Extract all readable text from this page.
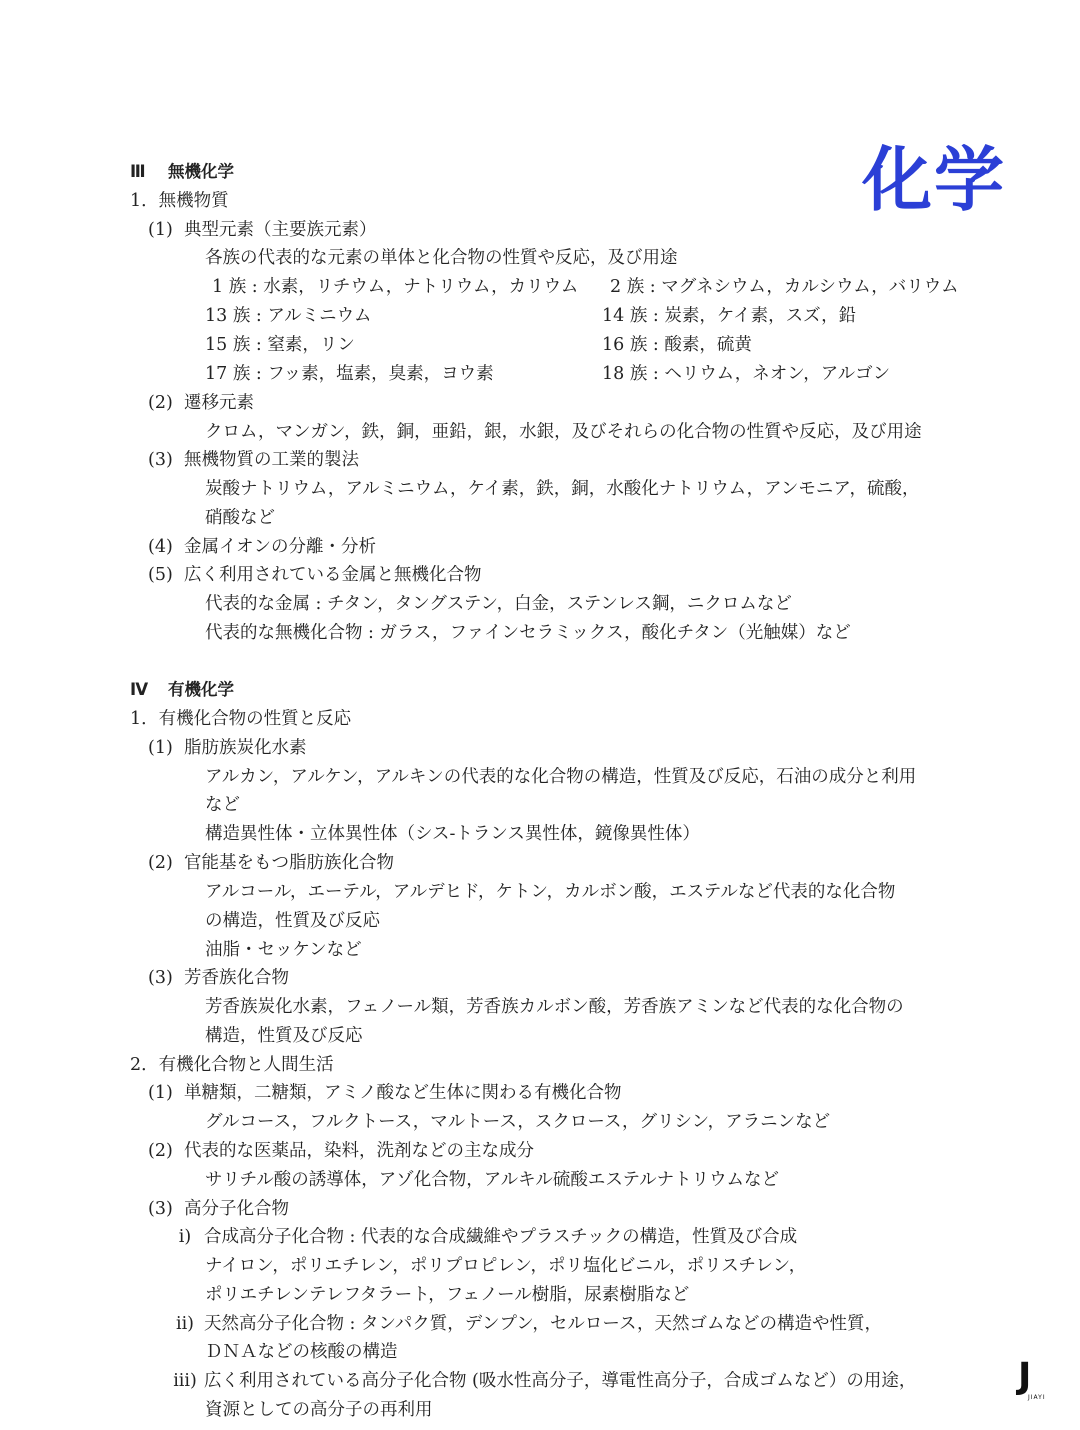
化学
J
JIAYI
Ⅲ 無機化学
1．無機物質
(1) 典型元素（主要族元素）
各族の代表的な元素の単体と化合物の性質や反応，及び用途
1 族 : 水素，リチウム，ナトリウム，カリウム 2 族 : マグネシウム，カルシウム，バリウム
13 族 : アルミニウム	14 族 : 炭素，ケイ素，スズ，鉛
15 族 : 窒素，リン	16 族 : 酸素，硫黄
17 族 : フッ素，塩素，臭素，ヨウ素	18 族 : ヘリウム，ネオン，アルゴン
(2) 遷移元素
クロム，マンガン，鉄，銅，亜鉛，銀，水銀，及びそれらの化合物の性質や反応，及び用途
(3) 無機物質の工業的製法
炭酸ナトリウム，アルミニウム，ケイ素，鉄，銅，水酸化ナトリウム，アンモニア，硫酸，
硝酸など
(4) 金属イオンの分離・分析
(5) 広く利用されている金属と無機化合物
代表的な金属 : チタン，タングステン，白金，ステンレス鋼，ニクロムなど
代表的な無機化合物 : ガラス，ファインセラミックス，酸化チタン（光触媒）など
Ⅳ 有機化学
1．有機化合物の性質と反応
(1) 脂肪族炭化水素
アルカン，アルケン，アルキンの代表的な化合物の構造，性質及び反応，石油の成分と利用
など
構造異性体・立体異性体（シス-トランス異性体，鏡像異性体）
(2) 官能基をもつ脂肪族化合物
アルコール，エーテル，アルデヒド，ケトン，カルボン酸，エステルなど代表的な化合物
の構造，性質及び反応
油脂・セッケンなど
(3) 芳香族化合物
芳香族炭化水素，フェノール類，芳香族カルボン酸，芳香族アミンなど代表的な化合物の
構造，性質及び反応
2．有機化合物と人間生活
(1) 単糖類，二糖類，アミノ酸など生体に関わる有機化合物
グルコース，フルクトース，マルトース，スクロース，グリシン，アラニンなど
(2) 代表的な医薬品，染料，洗剤などの主な成分
サリチル酸の誘導体，アゾ化合物，アルキル硫酸エステルナトリウムなど
(3) 高分子化合物
i) 合成高分子化合物 : 代表的な合成繊維やプラスチックの構造，性質及び合成
ナイロン，ポリエチレン，ポリプロピレン，ポリ塩化ビニル，ポリスチレン，
ポリエチレンテレフタラート，フェノール樹脂，尿素樹脂など
ii) 天然高分子化合物 : タンパク質，デンプン，セルロース，天然ゴムなどの構造や性質，
ＤＮＡなどの核酸の構造
iii) 広く利用されている高分子化合物 (吸水性高分子，導電性高分子，合成ゴムなど）の用途，
資源としての高分子の再利用
